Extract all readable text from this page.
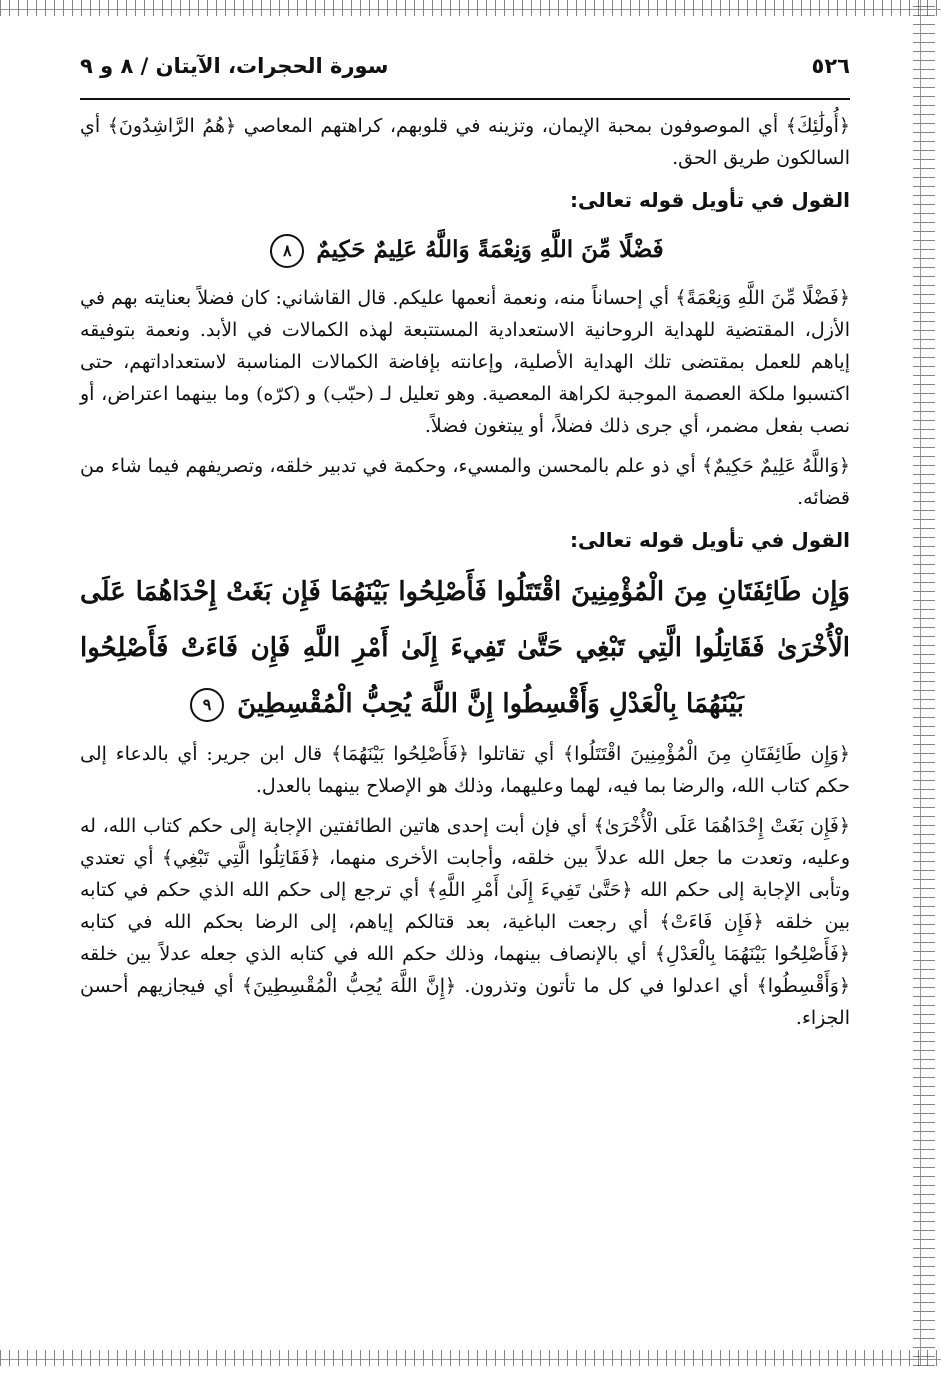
٥٢٦
سورة الحجرات، الآيتان / ٨ و ٩

﴿أُولَٰئِكَ﴾ أي الموصوفون بمحبة الإيمان، وتزينه في قلوبهم، كراهتهم المعاصي ﴿هُمُ الرَّاشِدُونَ﴾ أي السالكون طريق الحق.

القول في تأويل قوله تعالى:
فَضْلًا مِّنَ اللَّهِ وَنِعْمَةً وَاللَّهُ عَلِيمٌ حَكِيمٌ ٨

﴿فَضْلًا مِّنَ اللَّهِ وَنِعْمَةً﴾ أي إحساناً منه، ونعمة أنعمها عليكم. قال القاشاني: كان فضلاً بعنايته بهم في الأزل، المقتضية للهداية الروحانية الاستعدادية المستتبعة لهذه الكمالات في الأبد. ونعمة بتوفيقه إياهم للعمل بمقتضى تلك الهداية الأصلية، وإعانته بإفاضة الكمالات المناسبة لاستعداداتهم، حتى اكتسبوا ملكة العصمة الموجبة لكراهة المعصية. وهو تعليل لـ (حبّب) و (كرّه) وما بينهما اعتراض، أو نصب بفعل مضمر، أي جرى ذلك فضلاً، أو يبتغون فضلاً.

﴿وَاللَّهُ عَلِيمٌ حَكِيمٌ﴾ أي ذو علم بالمحسن والمسيء، وحكمة في تدبير خلقه، وتصريفهم فيما شاء من قضائه.

القول في تأويل قوله تعالى:
وَإِن طَائِفَتَانِ مِنَ الْمُؤْمِنِينَ اقْتَتَلُوا فَأَصْلِحُوا بَيْنَهُمَا فَإِن بَغَتْ إِحْدَاهُمَا عَلَى الْأُخْرَىٰ فَقَاتِلُوا الَّتِي تَبْغِي حَتَّىٰ تَفِيءَ إِلَىٰ أَمْرِ اللَّهِ فَإِن فَاءَتْ فَأَصْلِحُوا بَيْنَهُمَا بِالْعَدْلِ وَأَقْسِطُوا إِنَّ اللَّهَ يُحِبُّ الْمُقْسِطِينَ ٩

﴿وَإِن طَائِفَتَانِ مِنَ الْمُؤْمِنِينَ اقْتَتَلُوا﴾ أي تقاتلوا ﴿فَأَصْلِحُوا بَيْنَهُمَا﴾ قال ابن جرير: أي بالدعاء إلى حكم كتاب الله، والرضا بما فيه، لهما وعليهما، وذلك هو الإصلاح بينهما بالعدل.

﴿فَإِن بَغَتْ إِحْدَاهُمَا عَلَى الْأُخْرَىٰ﴾ أي فإن أبت إحدى هاتين الطائفتين الإجابة إلى حكم كتاب الله، له وعليه، وتعدت ما جعل الله عدلاً بين خلقه، وأجابت الأخرى منهما، ﴿فَقَاتِلُوا الَّتِي تَبْغِي﴾ أي تعتدي وتأبى الإجابة إلى حكم الله ﴿حَتَّىٰ تَفِيءَ إِلَىٰ أَمْرِ اللَّهِ﴾ أي ترجع إلى حكم الله الذي حكم في كتابه بين خلقه ﴿فَإِن فَاءَتْ﴾ أي رجعت الباغية، بعد قتالكم إياهم، إلى الرضا بحكم الله في كتابه ﴿فَأَصْلِحُوا بَيْنَهُمَا بِالْعَدْلِ﴾ أي بالإنصاف بينهما، وذلك حكم الله في كتابه الذي جعله عدلاً بين خلقه ﴿وَأَقْسِطُوا﴾ أي اعدلوا في كل ما تأتون وتذرون. ﴿إِنَّ اللَّهَ يُحِبُّ الْمُقْسِطِينَ﴾ أي فيجازيهم أحسن الجزاء.
